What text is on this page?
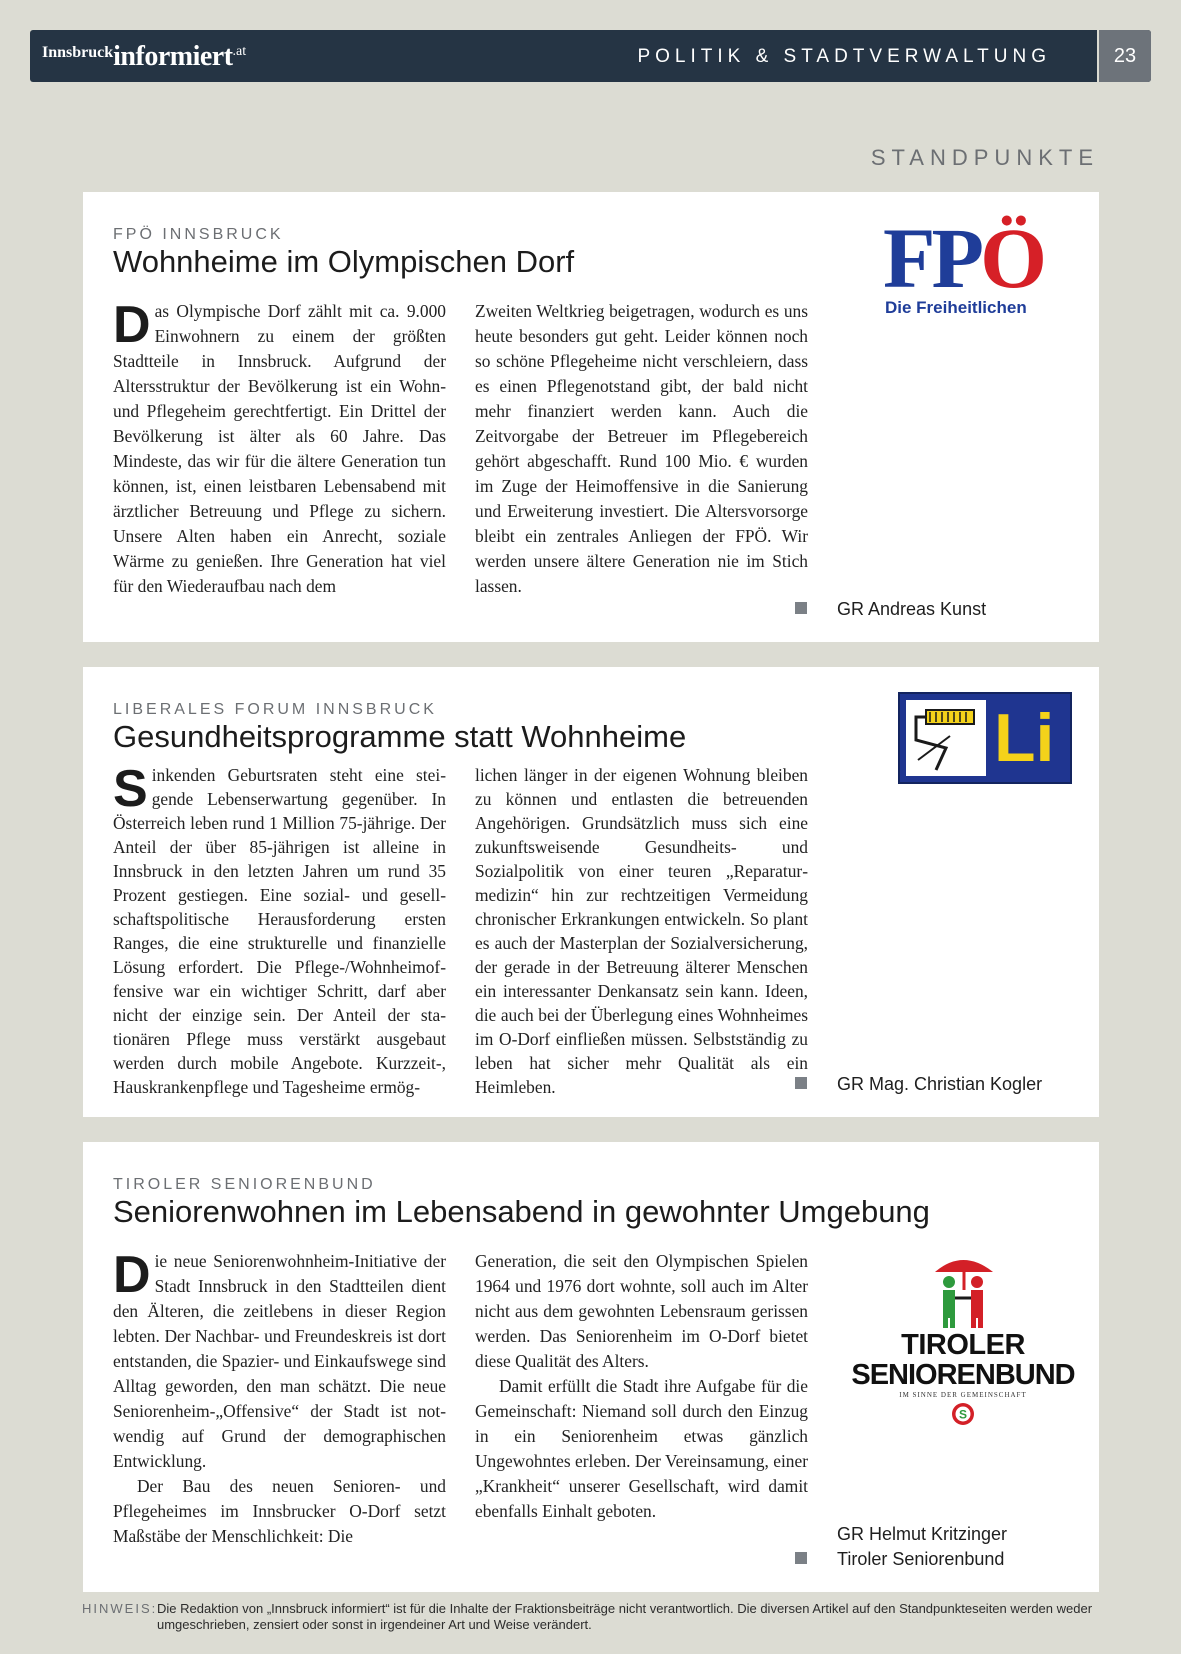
Innsbruckinformiert.at	POLITIK & STADTVERWALTUNG	23
STANDPUNKTE
FPÖ INNSBRUCK
Wohnheime im Olympischen Dorf
D as Olympische Dorf zählt mit ca. 9.000 Einwohnern zu einem der größten Stadtteile in Innsbruck. Aufgrund der Altersstruktur der Bevölkerung ist ein Wohn- und Pflegeheim gerechtfertigt. Ein Drittel der Bevölkerung ist älter als 60 Jahre. Das Mindeste, das wir für die ältere Generation tun können, ist, einen leistbaren Lebensabend mit ärztlicher Betreuung und Pflege zu sichern. Unsere Alten haben ein Anrecht, soziale Wärme zu genießen. Ihre Generation hat viel für den Wiederaufbau nach dem

Zweiten Weltkrieg beigetragen, wodurch es uns heute besonders gut geht. Leider können noch so schöne Pflegeheime nicht verschleiern, dass es einen Pflegenotstand gibt, der bald nicht mehr finanziert werden kann. Auch die Zeitvorgabe der Betreuer im Pflegebereich gehört abgeschafft. Rund 100 Mio. € wurden im Zuge der Heimoffensive in die Sanierung und Erweiterung investiert. Die Altersvorsorge bleibt ein zentrales Anliegen der FPÖ. Wir werden unsere ältere Generation nie im Stich lassen.

GR Andreas Kunst
FPÖ
Die Freiheitlichen
LIBERALES FORUM INNSBRUCK
Gesundheitsprogramme statt Wohnheime
S inkenden Geburtsraten steht eine steigende Lebenserwartung gegenüber. In Österreich leben rund 1 Million 75-jährige. Der Anteil der über 85-jährigen ist alleine in Innsbruck in den letzten Jahren um rund 35 Prozent gestiegen. Eine sozial- und gesellschaftspolitische Herausforderung ersten Ranges, die eine strukturelle und finanzielle Lösung erfordert. Die Pflege-/Wohnheimoffensive war ein wichtiger Schritt, darf aber nicht der einzige sein. Der Anteil der stationären Pflege muss verstärkt ausgebaut werden durch mobile Angebote. Kurzzeit-, Hauskrankenpflege und Tagesheime ermög-

lichen länger in der eigenen Wohnung bleiben zu können und entlasten die betreuenden Angehörigen. Grundsätzlich muss sich eine zukunftsweisende Gesundheits- und Sozialpolitik von einer teuren „Reparaturmedizin“ hin zur rechtzeitigen Vermeidung chronischer Erkrankungen entwickeln. So plant es auch der Masterplan der Sozialversicherung, der gerade in der Betreuung älterer Menschen ein interessanter Denkansatz sein kann. Ideen, die auch bei der Überlegung eines Wohnheimes im O-Dorf einfließen müssen. Selbstständig zu leben hat sicher mehr Qualität als ein Heimleben.	GR Mag. Christian Kogler
Li
TIROLER SENIORENBUND
Seniorenwohnen im Lebensabend in gewohnter Umgebung
D ie neue Seniorenwohnheim-Initiative der Stadt Innsbruck in den Stadtteilen dient den Älteren, die zeitlebens in dieser Region lebten. Der Nachbar- und Freundeskreis ist dort entstanden, die Spazier- und Einkaufswege sind Alltag geworden, den man schätzt. Die neue Seniorenheim-„Offensive“ der Stadt ist notwendig auf Grund der demographischen Entwicklung.

Der Bau des neuen Senioren- und Pflegeheimes im Innsbrucker O-Dorf setzt Maßstäbe der Menschlichkeit: Die

Generation, die seit den Olympischen Spielen 1964 und 1976 dort wohnte, soll auch im Alter nicht aus dem gewohnten Lebensraum gerissen werden. Das Seniorenheim im O-Dorf bietet diese Qualität des Alters.

Damit erfüllt die Stadt ihre Aufgabe für die Gemeinschaft: Niemand soll durch den Einzug in ein Seniorenheim etwas gänzlich Ungewohntes erleben. Der Vereinsamung, einer „Krankheit“ unserer Gesellschaft, wird damit ebenfalls Einhalt geboten.

GR Helmut Kritzinger
Tiroler Seniorenbund
TIROLER
SENIORENBUND
IM SINNE DER GEMEINSCHAFT
S
HINWEIS: Die Redaktion von „Innsbruck informiert“ ist für die Inhalte der Fraktionsbeiträge nicht verantwortlich. Die diversen Artikel auf den Standpunkteseiten werden weder umgeschrieben, zensiert oder sonst in irgendeiner Art und Weise verändert.
